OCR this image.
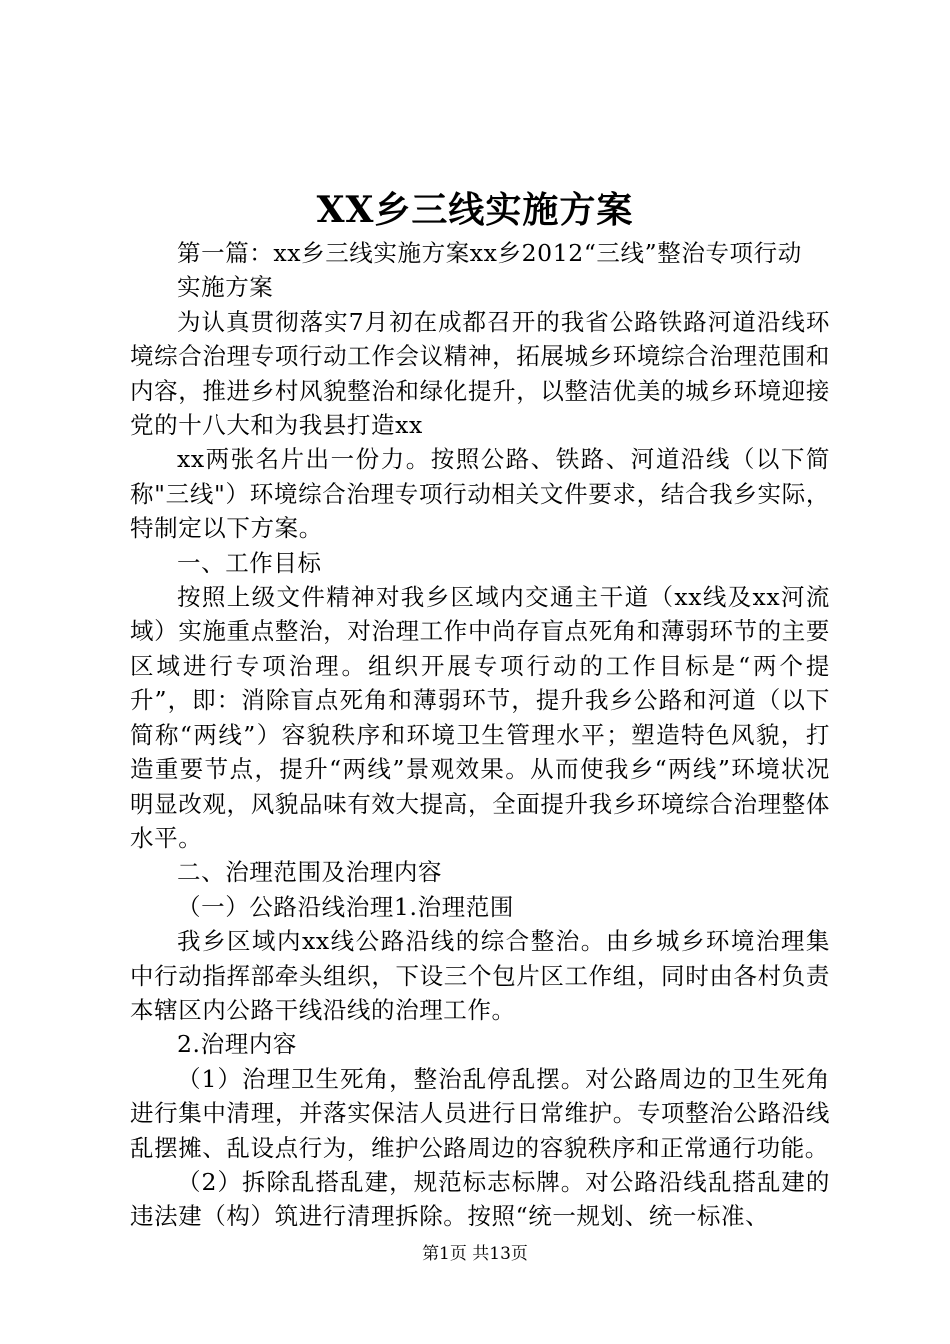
XX乡三线实施方案

第一篇：xx乡三线实施方案xx乡2012“三线”整治专项行动

实施方案

为认真贯彻落实7月初在成都召开的我省公路铁路河道沿线环境综合治理专项行动工作会议精神，拓展城乡环境综合治理范围和内容，推进乡村风貌整治和绿化提升，以整洁优美的城乡环境迎接党的十八大和为我县打造xx

xx两张名片出一份力。按照公路、铁路、河道沿线（以下简称"三线"）环境综合治理专项行动相关文件要求，结合我乡实际，特制定以下方案。

一、工作目标

按照上级文件精神对我乡区域内交通主干道（xx线及xx河流域）实施重点整治，对治理工作中尚存盲点死角和薄弱环节的主要区域进行专项治理。组织开展专项行动的工作目标是“两个提升”，即：消除盲点死角和薄弱环节，提升我乡公路和河道（以下简称“两线”）容貌秩序和环境卫生管理水平；塑造特色风貌，打造重要节点，提升“两线”景观效果。从而使我乡“两线”环境状况明显改观，风貌品味有效大提高，全面提升我乡环境综合治理整体水平。

二、治理范围及治理内容

（一）公路沿线治理1.治理范围

我乡区域内xx线公路沿线的综合整治。由乡城乡环境治理集中行动指挥部牵头组织，下设三个包片区工作组，同时由各村负责本辖区内公路干线沿线的治理工作。

2.治理内容

（1）治理卫生死角，整治乱停乱摆。对公路周边的卫生死角进行集中清理，并落实保洁人员进行日常维护。专项整治公路沿线乱摆摊、乱设点行为，维护公路周边的容貌秩序和正常通行功能。

（2）拆除乱搭乱建，规范标志标牌。对公路沿线乱搭乱建的违法建（构）筑进行清理拆除。按照“统一规划、统一标准、

第1页 共13页
